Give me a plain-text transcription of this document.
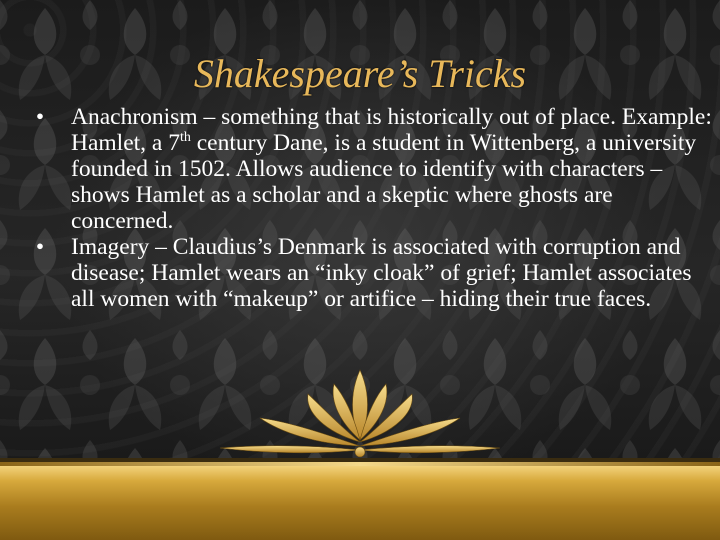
Shakespeare’s Tricks
•	Anachronism – something that is historically out of place. Example: Hamlet, a 7th century Dane, is a student in Wittenberg, a university founded in 1502. Allows audience to identify with characters – shows Hamlet as a scholar and a skeptic where ghosts are concerned.
•	Imagery – Claudius’s Denmark is associated with corruption and disease; Hamlet wears an “inky cloak” of grief; Hamlet associates all women with “makeup” or artifice – hiding their true faces.
